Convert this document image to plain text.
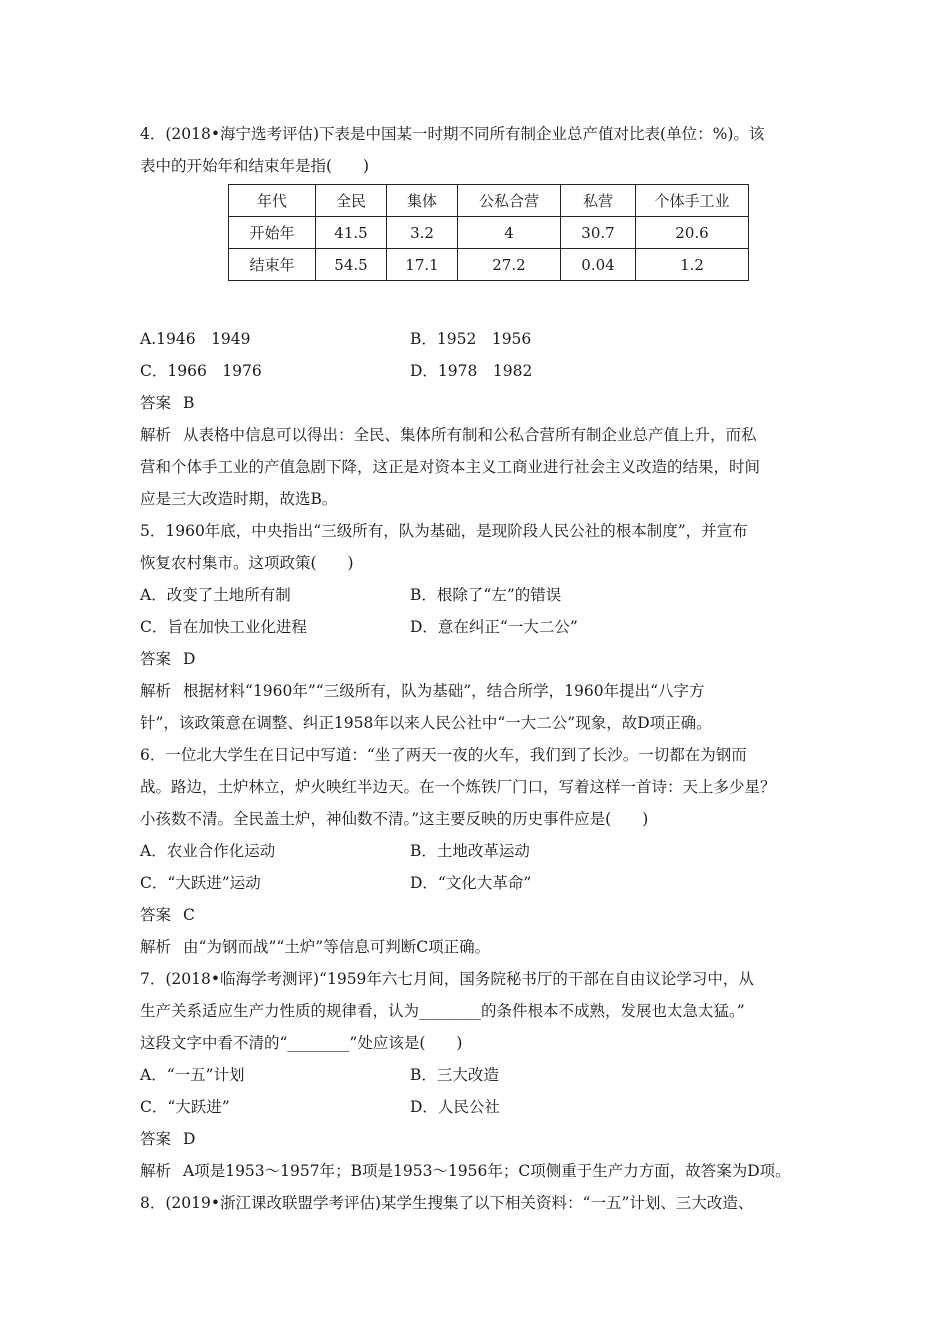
4．(2018•海宁选考评估)下表是中国某一时期不同所有制企业总产值对比表(单位：%)。该
表中的开始年和结束年是指(　　)
年代	全民	集体	公私合营	私营	个体手工业
开始年	41.5	3.2	4	30.7	20.6
结束年	54.5	17.1	27.2	0.04	1.2
A.1946　1949	B．1952　1956
C．1966　1976	D．1978　1982
答案 B
解析 从表格中信息可以得出：全民、集体所有制和公私合营所有制企业总产值上升，而私
营和个体手工业的产值急剧下降，这正是对资本主义工商业进行社会主义改造的结果，时间
应是三大改造时期，故选B。
5．1960年底，中央指出“三级所有，队为基础，是现阶段人民公社的根本制度”，并宣布
恢复农村集市。这项政策(　　)
A．改变了土地所有制	B．根除了“左”的错误
C．旨在加快工业化进程	D．意在纠正“一大二公”
答案 D
解析 根据材料“1960年”“三级所有，队为基础”，结合所学，1960年提出“八字方
针”，该政策意在调整、纠正1958年以来人民公社中“一大二公”现象，故D项正确。
6．一位北大学生在日记中写道：“坐了两天一夜的火车，我们到了长沙。一切都在为钢而
战。路边，土炉林立，炉火映红半边天。在一个炼铁厂门口，写着这样一首诗：天上多少星？
小孩数不清。全民盖土炉，神仙数不清。”这主要反映的历史事件应是(　　)
A．农业合作化运动	B．土地改革运动
C．“大跃进”运动	D．“文化大革命”
答案 C
解析 由“为钢而战”“土炉”等信息可判断C项正确。
7．(2018•临海学考测评)“1959年六七月间，国务院秘书厅的干部在自由议论学习中，从
生产关系适应生产力性质的规律看，认为________的条件根本不成熟，发展也太急太猛。”
这段文字中看不清的“________”处应该是(　　)
A．“一五”计划	B．三大改造
C．“大跃进”	D．人民公社
答案 D
解析 A项是1953～1957年；B项是1953～1956年；C项侧重于生产力方面，故答案为D项。
8．(2019•浙江课改联盟学考评估)某学生搜集了以下相关资料：“一五”计划、三大改造、
